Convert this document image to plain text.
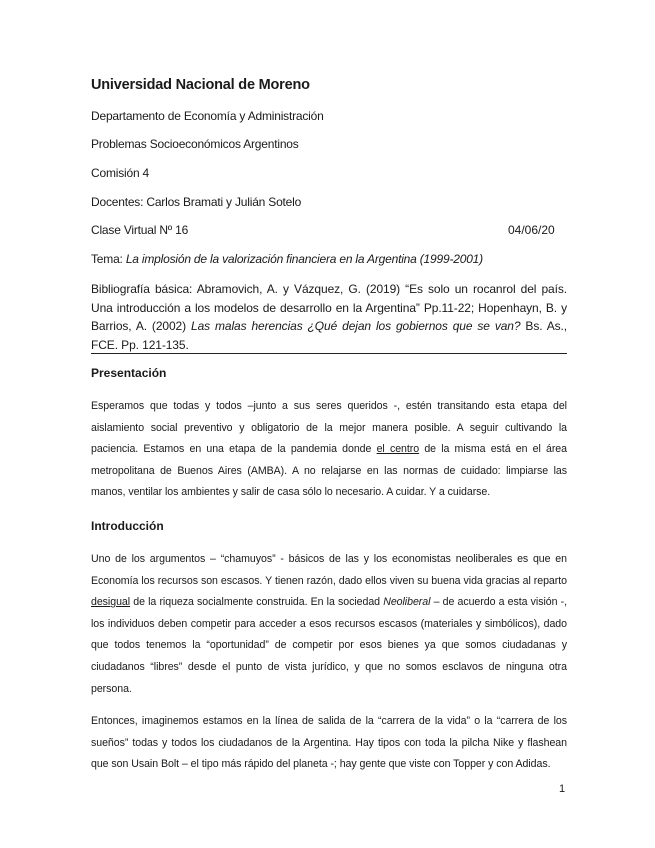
Universidad Nacional de Moreno
Departamento de Economía y Administración
Problemas Socioeconómicos Argentinos
Comisión 4
Docentes: Carlos Bramati y Julián Sotelo
Clase Virtual Nº 16	04/06/20
Tema: La implosión de la valorización financiera en la Argentina (1999-2001)
Bibliografía básica: Abramovich, A. y Vázquez, G. (2019) “Es solo un rocanrol del país. Una introducción a los modelos de desarrollo en la Argentina” Pp.11-22; Hopenhayn, B. y Barrios, A. (2002) Las malas herencias ¿Qué dejan los gobiernos que se van? Bs. As., FCE. Pp. 121-135.
Presentación
Esperamos que todas y todos –junto a sus seres queridos -, estén transitando esta etapa del aislamiento social preventivo y obligatorio de la mejor manera posible. A seguir cultivando la paciencia. Estamos en una etapa de la pandemia donde el centro de la misma está en el área metropolitana de Buenos Aires (AMBA). A no relajarse en las normas de cuidado: limpiarse las manos, ventilar los ambientes y salir de casa sólo lo necesario. A cuidar. Y a cuidarse.
Introducción
Uno de los argumentos – “chamuyos” - básicos de las y los economistas neoliberales es que en Economía los recursos son escasos. Y tienen razón, dado ellos viven su buena vida gracias al reparto desigual de la riqueza socialmente construida. En la sociedad Neoliberal – de acuerdo a esta visión -, los individuos deben competir para acceder a esos recursos escasos (materiales y simbólicos), dado que todos tenemos la “oportunidad” de competir por esos bienes ya que somos ciudadanas y ciudadanos “libres” desde el punto de vista jurídico, y que no somos esclavos de ninguna otra persona.
Entonces, imaginemos estamos en la línea de salida de la “carrera de la vida” o la “carrera de los sueños” todas y todos los ciudadanos de la Argentina. Hay tipos con toda la pilcha Nike y flashean que son Usain Bolt – el tipo más rápido del planeta -; hay gente que viste con Topper y con Adidas.
1
